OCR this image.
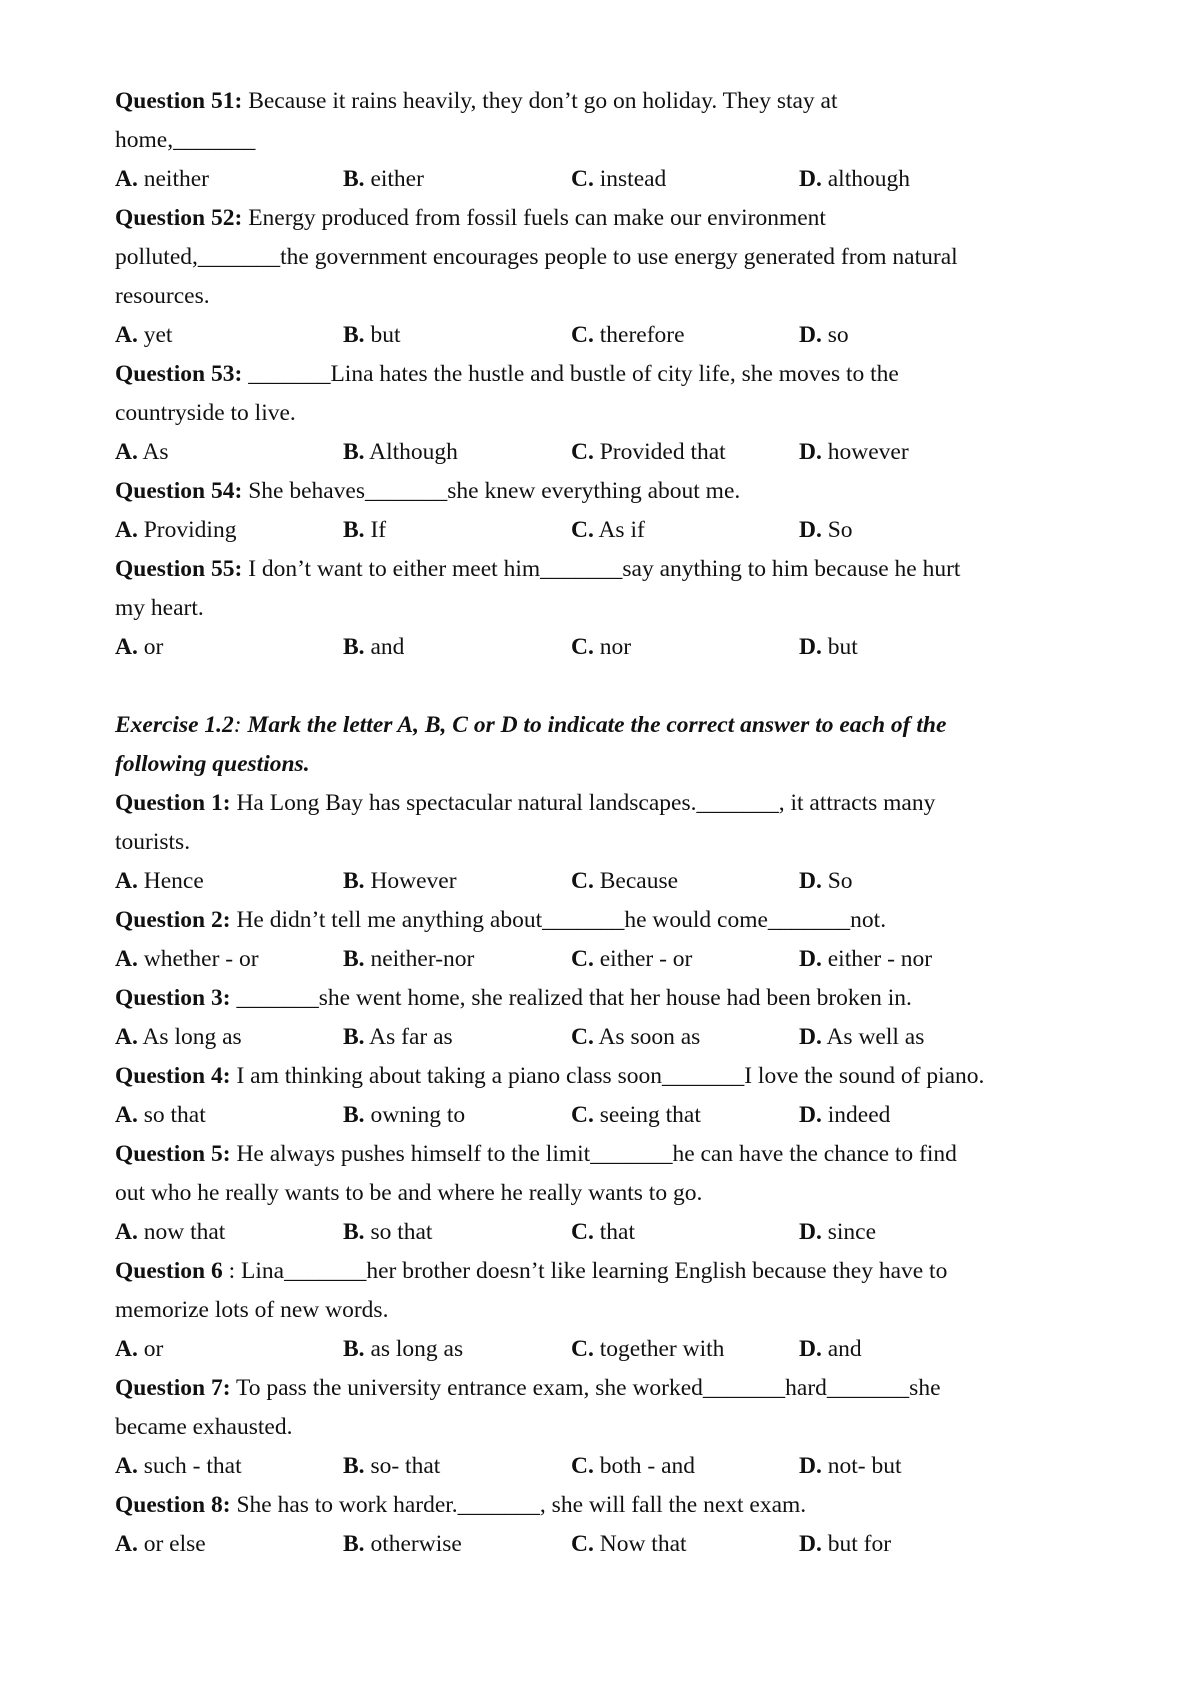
Question 51: Because it rains heavily, they don’t go on holiday. They stay at
home,_______
A. neither	B. either	C. instead	D. although
Question 52: Energy produced from fossil fuels can make our environment
polluted,_______the government encourages people to use energy generated from natural
resources.
A. yet	B. but	C. therefore	D. so
Question 53: _______Lina hates the hustle and bustle of city life, she moves to the
countryside to live.
A. As	B. Although	C. Provided that	D. however
Question 54: She behaves_______she knew everything about me.
A. Providing	B. If	C. As if	D. So
Question 55: I don’t want to either meet him_______say anything to him because he hurt
my heart.
A. or	B. and	C. nor	D. but
Exercise 1.2: Mark the letter A, B, C or D to indicate the correct answer to each of the
following questions.
Question 1: Ha Long Bay has spectacular natural landscapes._______, it attracts many
tourists.
A. Hence	B. However	C. Because	D. So
Question 2: He didn’t tell me anything about_______he would come_______not.
A. whether - or	B. neither-nor	C. either - or	D. either - nor
Question 3: _______she went home, she realized that her house had been broken in.
A. As long as	B. As far as	C. As soon as	D. As well as
Question 4: I am thinking about taking a piano class soon_______I love the sound of piano.
A. so that	B. owning to	C. seeing that	D. indeed
Question 5: He always pushes himself to the limit_______he can have the chance to find
out who he really wants to be and where he really wants to go.
A. now that	B. so that	C. that	D. since
Question 6 : Lina_______her brother doesn’t like learning English because they have to
memorize lots of new words.
A. or	B. as long as	C. together with	D. and
Question 7: To pass the university entrance exam, she worked_______hard_______she
became exhausted.
A. such - that	B. so- that	C. both - and	D. not- but
Question 8: She has to work harder._______, she will fall the next exam.
A. or else	B. otherwise	C. Now that	D. but for
